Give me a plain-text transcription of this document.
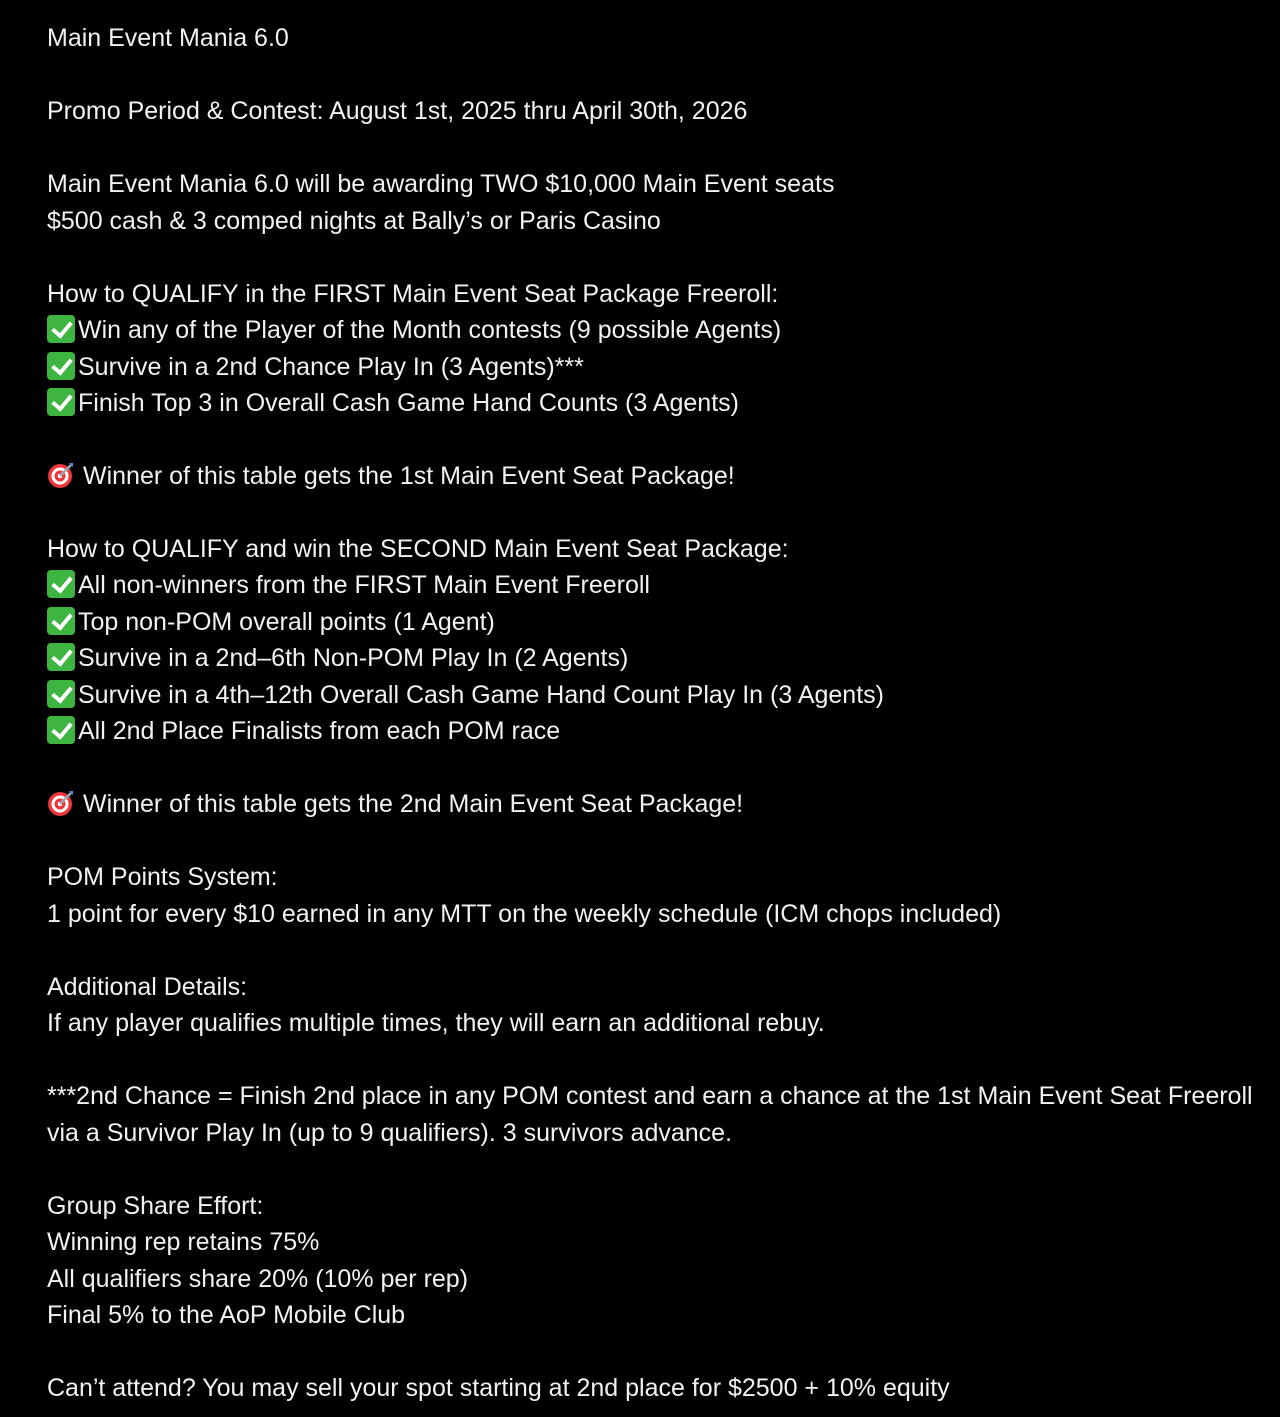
Main Event Mania 6.0
Promo Period & Contest: August 1st, 2025 thru April 30th, 2026
Main Event Mania 6.0 will be awarding TWO $10,000 Main Event seats
$500 cash & 3 comped nights at Bally’s or Paris Casino
How to QUALIFY in the FIRST Main Event Seat Package Freeroll:
Win any of the Player of the Month contests (9 possible Agents)
Survive in a 2nd Chance Play In (3 Agents)***
Finish Top 3 in Overall Cash Game Hand Counts (3 Agents)
Winner of this table gets the 1st Main Event Seat Package!
How to QUALIFY and win the SECOND Main Event Seat Package:
All non-winners from the FIRST Main Event Freeroll
Top non-POM overall points (1 Agent)
Survive in a 2nd–6th Non-POM Play In (2 Agents)
Survive in a 4th–12th Overall Cash Game Hand Count Play In (3 Agents)
All 2nd Place Finalists from each POM race
Winner of this table gets the 2nd Main Event Seat Package!
POM Points System:
1 point for every $10 earned in any MTT on the weekly schedule (ICM chops included)
Additional Details:
If any player qualifies multiple times, they will earn an additional rebuy.
***2nd Chance = Finish 2nd place in any POM contest and earn a chance at the 1st Main Event Seat Freeroll
via a Survivor Play In (up to 9 qualifiers). 3 survivors advance.
Group Share Effort:
Winning rep retains 75%
All qualifiers share 20% (10% per rep)
Final 5% to the AoP Mobile Club
Can’t attend? You may sell your spot starting at 2nd place for $2500 + 10% equity
